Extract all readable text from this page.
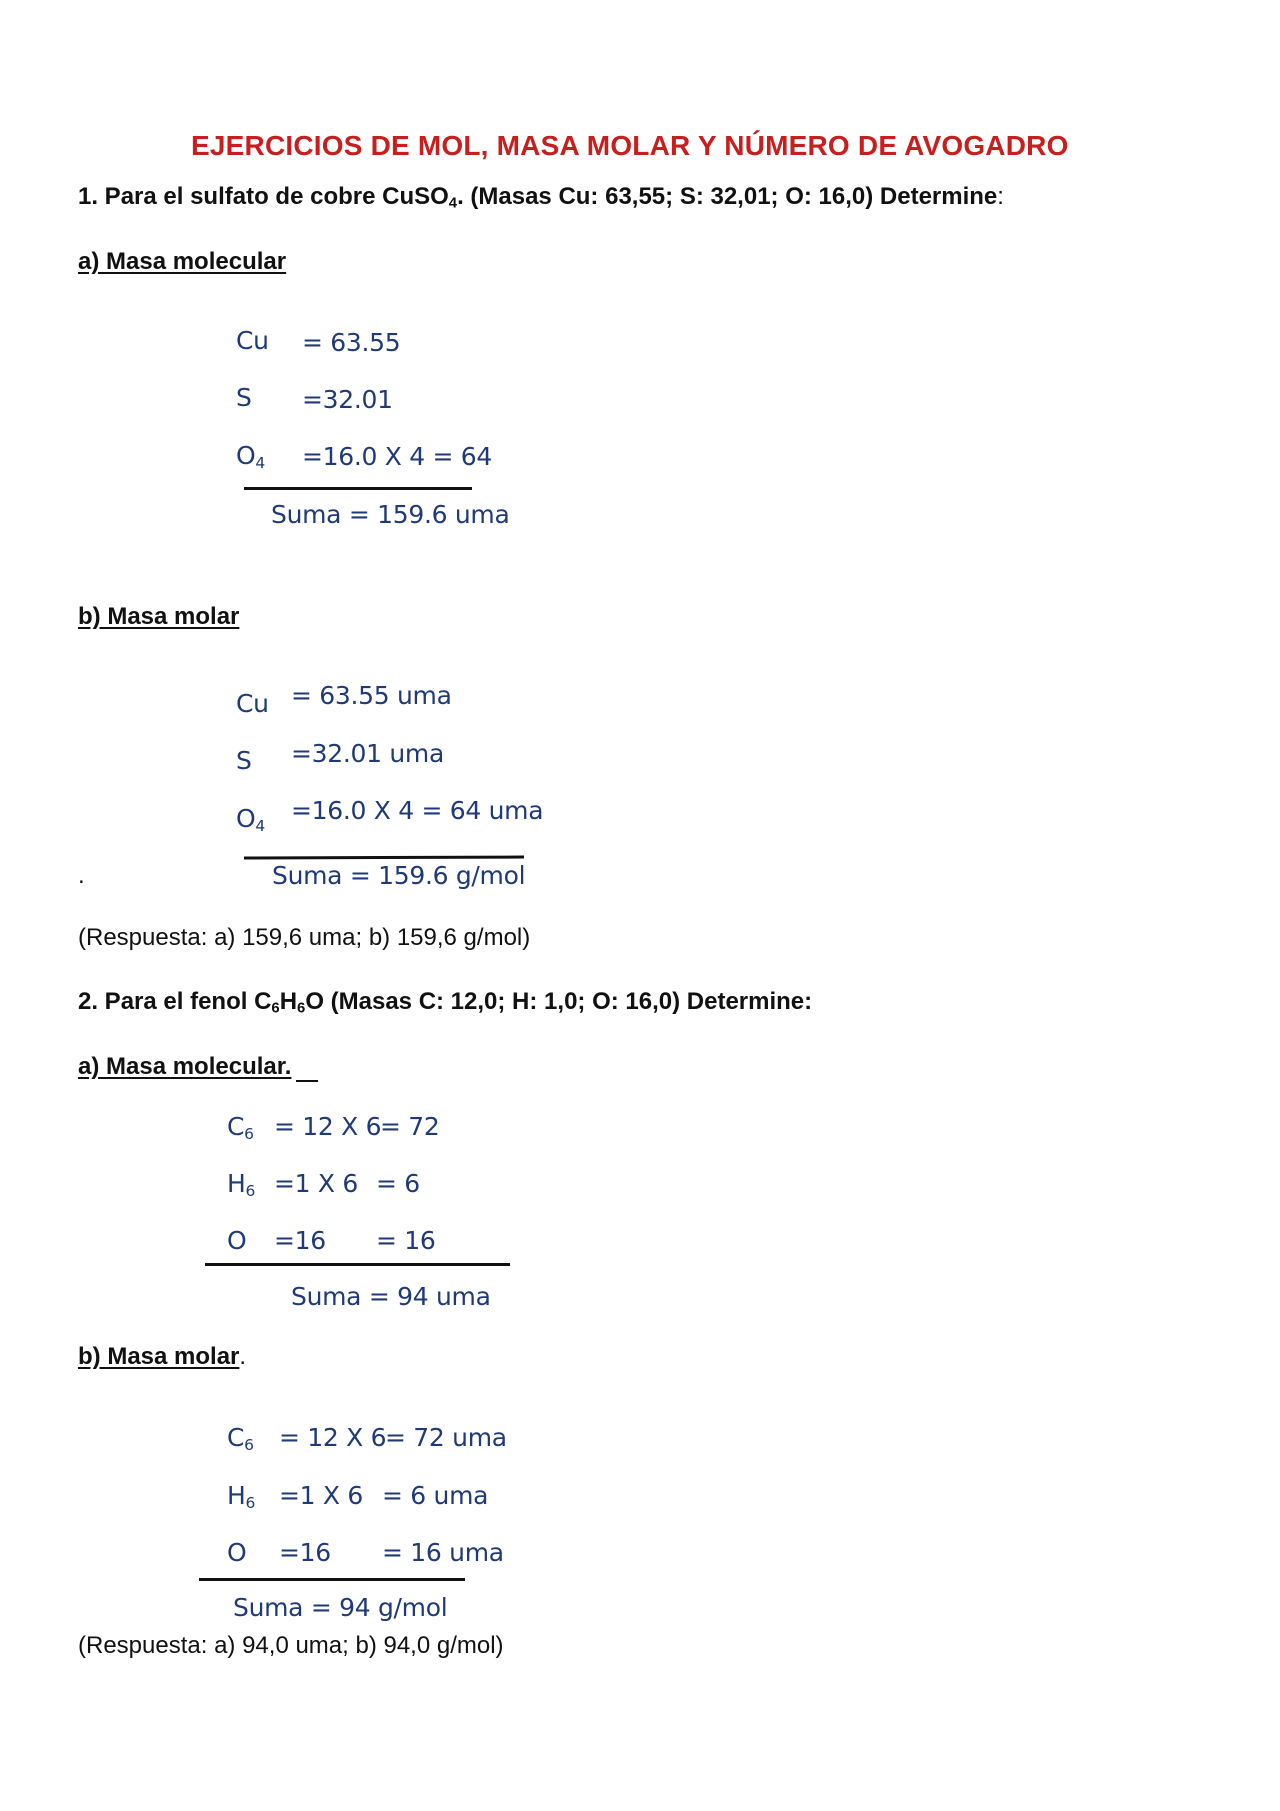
EJERCICIOS DE MOL, MASA MOLAR Y NÚMERO DE AVOGADRO
1. Para el sulfato de cobre CuSO$_4$. (Masas Cu: 63,55; S: 32,01; O: 16,0) Determine:
a) Masa molecular
Cu = 63.55
S =32.01
$O_4 =16.0$ X 4 = 64
Suma = 159.6 uma
b) Masa molar
Cu = 63.55 uma
S =32.01 uma
$O_4$
=16.0 X 4 = 64 uma
.	Suma = 159.6 g/mol
(Respuesta: a) 159,6 uma; b) 159,6 g/mol)
2. Para el fenol $C_6H_6O$ (Masas C: 12,0; H: 1,0; O: 16,0) Determine:
a) Masa molecular.
$C_6 = 12$ X 6
= 72
$H_6 =1$ X 6 = 6
O =16 = 16
Suma = 94 uma
b) Masa molar.
$C_6 = 12$ X 6
= 72 uma
$H_6 =1$ X 6 = 6 uma
O =16 = 16 uma
Suma = 94 g/mol
(Respuesta: a) 94,0 uma; b) 94,0 g/mol)
